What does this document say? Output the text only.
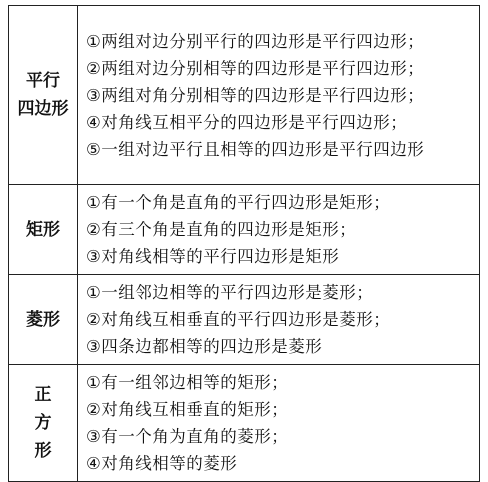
平行
四边形	①两组对边分别平行的四边形是平行四边形；
②两组对边分别相等的四边形是平行四边形；
③两组对角分别相等的四边形是平行四边形；
④对角线互相平分的四边形是平行四边形；
⑤一组对边平行且相等的四边形是平行四边形

矩形	①有一个角是直角的平行四边形是矩形；
②有三个角是直角的四边形是矩形；
③对角线相等的平行四边形是矩形

菱形	①一组邻边相等的平行四边形是菱形；
②对角线互相垂直的平行四边形是菱形；
③四条边都相等的四边形是菱形

正
方
形	①有一组邻边相等的矩形；
②对角线互相垂直的矩形；
③有一个角为直角的菱形；
④对角线相等的菱形
